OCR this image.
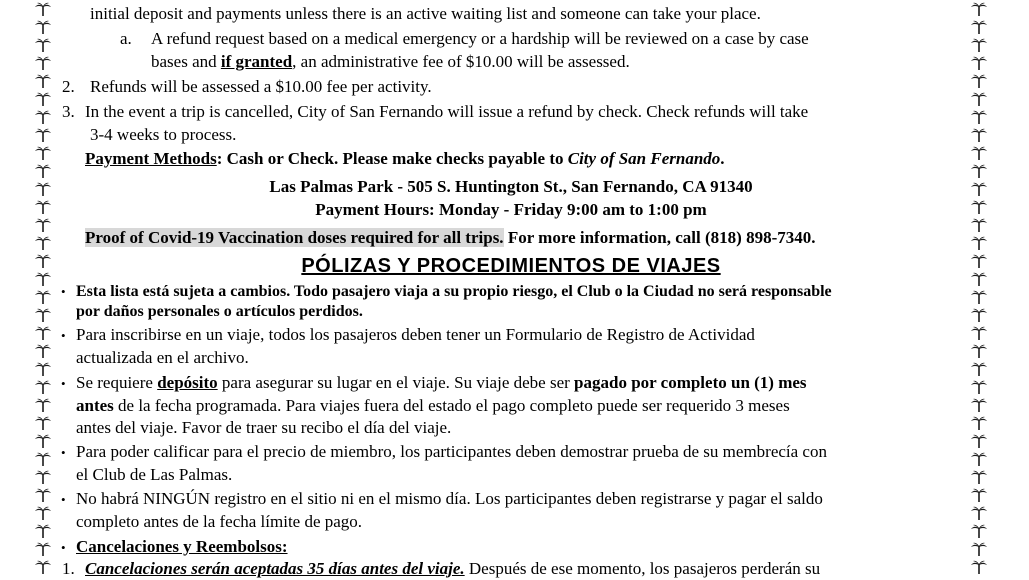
initial deposit and payments unless there is an active waiting list and someone can take your place.
a. A refund request based on a medical emergency or a hardship will be reviewed on a case by case
bases and if granted, an administrative fee of $10.00 will be assessed.
2. Refunds will be assessed a $10.00 fee per activity.
3. In the event a trip is cancelled, City of San Fernando will issue a refund by check. Check refunds will take
3-4 weeks to process.
Payment Methods: Cash or Check. Please make checks payable to City of San Fernando.
Las Palmas Park - 505 S. Huntington St., San Fernando, CA 91340
Payment Hours: Monday - Friday 9:00 am to 1:00 pm
Proof of Covid-19 Vaccination doses required for all trips. For more information, call (818) 898-7340.
PÓLIZAS Y PROCEDIMIENTOS DE VIAJES
• Esta lista está sujeta a cambios. Todo pasajero viaja a su propio riesgo, el Club o la Ciudad no será responsable
por daños personales o artículos perdidos.
• Para inscribirse en un viaje, todos los pasajeros deben tener un Formulario de Registro de Actividad
actualizada en el archivo.
• Se requiere depósito para asegurar su lugar en el viaje. Su viaje debe ser pagado por completo un (1) mes
antes de la fecha programada. Para viajes fuera del estado el pago completo puede ser requerido 3 meses
antes del viaje. Favor de traer su recibo el día del viaje.
• Para poder calificar para el precio de miembro, los participantes deben demostrar prueba de su membrecía con
el Club de Las Palmas.
• No habrá NINGÚN registro en el sitio ni en el mismo día. Los participantes deben registrarse y pagar el saldo
completo antes de la fecha límite de pago.
• Cancelaciones y Reembolsos:
1. Cancelaciones serán aceptadas 35 días antes del viaje. Después de ese momento, los pasajeros perderán su
